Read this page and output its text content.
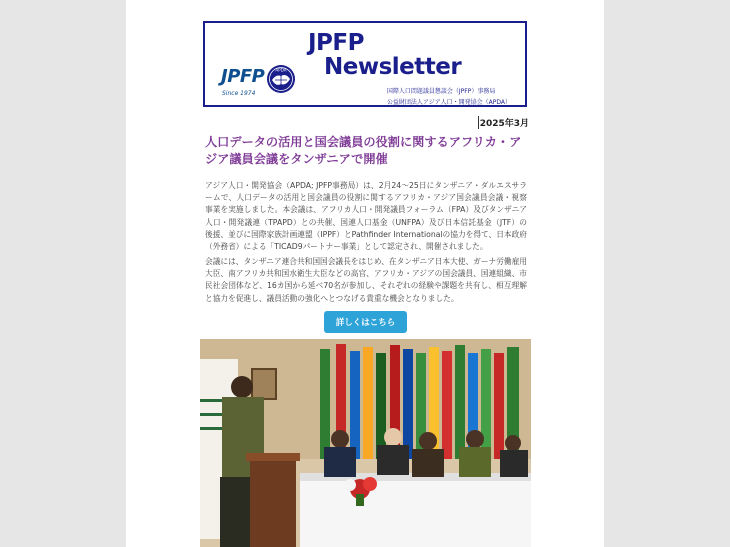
JPFP
Since 1974
APDA
JPFP
Newsletter
国際人口問題議員懇談会（JPFP）事務局
公益財団法人アジア人口・開発協会（APDA）
2025年3月
人口データの活用と国会議員の役割に関するアフリカ・アジア議員会議をタンザニアで開催

アジア人口・開発協会（APDA; JPFP事務局）は、2月24～25日にタンザニア・ダルエスサラームで、人口データの活用と国会議員の役割に関するアフリカ・アジア国会議員会議・視察事業を実施しました。本会議は、アフリカ人口・開発議員フォーラム（FPA）及びタンザニア人口・開発議連（TPAPD）との共催、国連人口基金（UNFPA）及び日本信託基金（JTF）の後援、並びに国際家族計画連盟（IPPF）とPathfinder Internationalの協力を得て、日本政府（外務省）による「TICAD9パートナー事業」として認定され、開催されました。

会議には、タンザニア連合共和国国会議長をはじめ、在タンザニア日本大使、ガーナ労働雇用大臣、南アフリカ共和国水衛生大臣などの高官、アフリカ・アジアの国会議員、国連組織、市民社会団体など、16カ国から延べ70名が参加し、それぞれの経験や課題を共有し、相互理解と協力を促進し、議員活動の強化へとつなげる貴重な機会となりました。

詳しくはこちら
